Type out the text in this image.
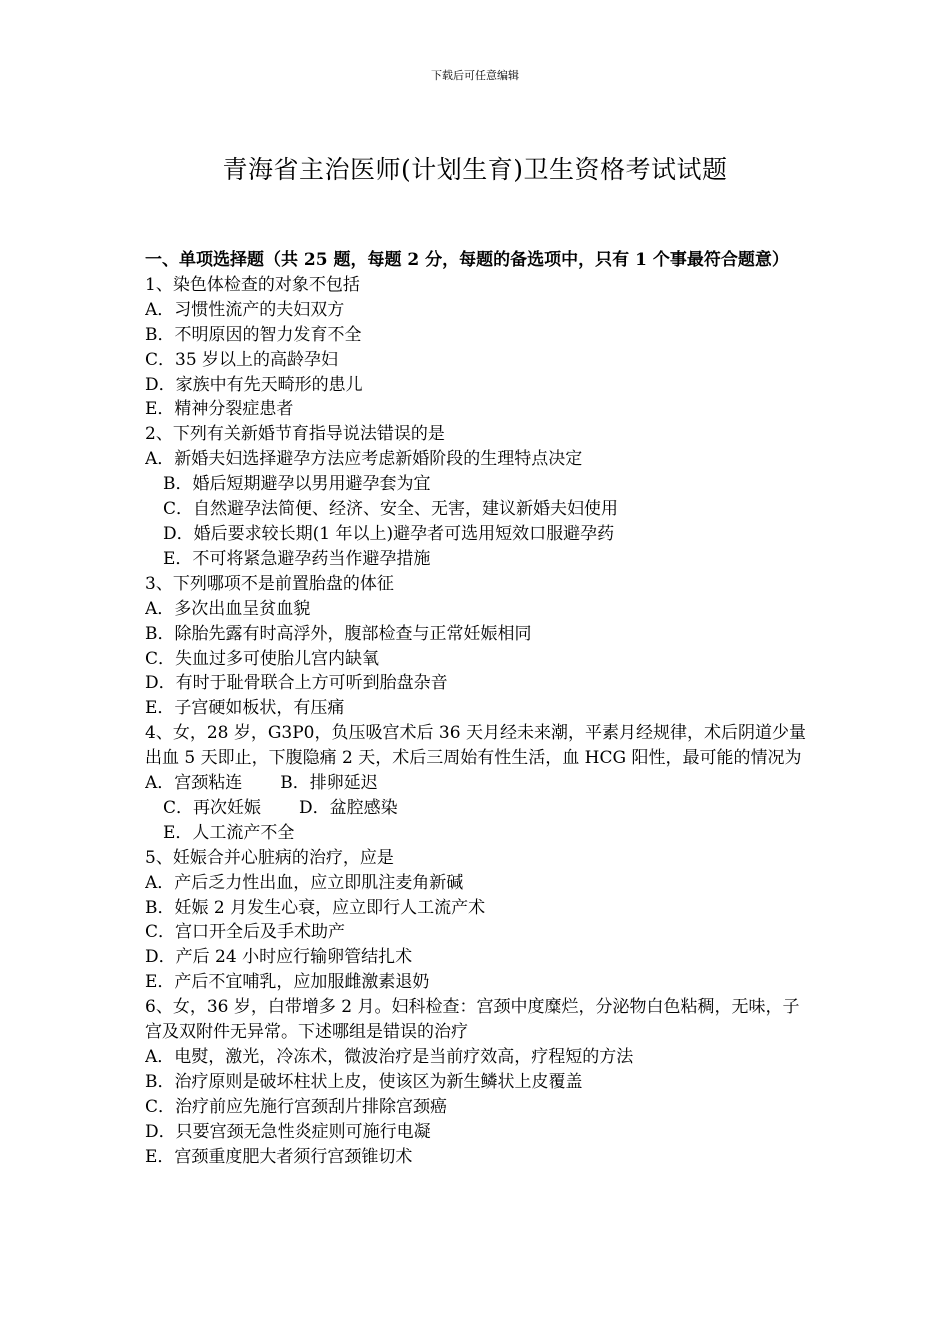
下载后可任意编辑
青海省主治医师(计划生育)卫生资格考试试题

一、单项选择题（共 25 题，每题 2 分，每题的备选项中，只有 1 个事最符合题意）

1、染色体检查的对象不包括

A．习惯性流产的夫妇双方

B．不明原因的智力发育不全

C．35 岁以上的高龄孕妇

D．家族中有先天畸形的患儿

E．精神分裂症患者

2、下列有关新婚节育指导说法错误的是

A．新婚夫妇选择避孕方法应考虑新婚阶段的生理特点决定

B．婚后短期避孕以男用避孕套为宜

C．自然避孕法简便、经济、安全、无害，建议新婚夫妇使用

D．婚后要求较长期(1 年以上)避孕者可选用短效口服避孕药

E．不可将紧急避孕药当作避孕措施

3、下列哪项不是前置胎盘的体征

A．多次出血呈贫血貌

B．除胎先露有时高浮外，腹部检查与正常妊娠相同

C．失血过多可使胎儿宫内缺氧

D．有时于耻骨联合上方可听到胎盘杂音

E．子宫硬如板状，有压痛

4、女，28 岁，G3P0，负压吸宫术后 36 天月经未来潮，平素月经规律，术后阴道少量出血 5 天即止，下腹隐痛 2 天，术后三周始有性生活，血 HCG 阳性，最可能的情况为

A．宫颈粘连 B．排卵延迟

C．再次妊娠 D．盆腔感染

E．人工流产不全

5、妊娠合并心脏病的治疗，应是

A．产后乏力性出血，应立即肌注麦角新碱

B．妊娠 2 月发生心衰，应立即行人工流产术

C．宫口开全后及手术助产

D．产后 24 小时应行输卵管结扎术

E．产后不宜哺乳，应加服雌激素退奶

6、女，36 岁，白带增多 2 月。妇科检查：宫颈中度糜烂，分泌物白色粘稠，无味，子宫及双附件无异常。下述哪组是错误的治疗

A．电熨，激光，冷冻术，微波治疗是当前疗效高，疗程短的方法

B．治疗原则是破坏柱状上皮，使该区为新生鳞状上皮覆盖

C．治疗前应先施行宫颈刮片排除宫颈癌

D．只要宫颈无急性炎症则可施行电凝

E．宫颈重度肥大者须行宫颈锥切术
